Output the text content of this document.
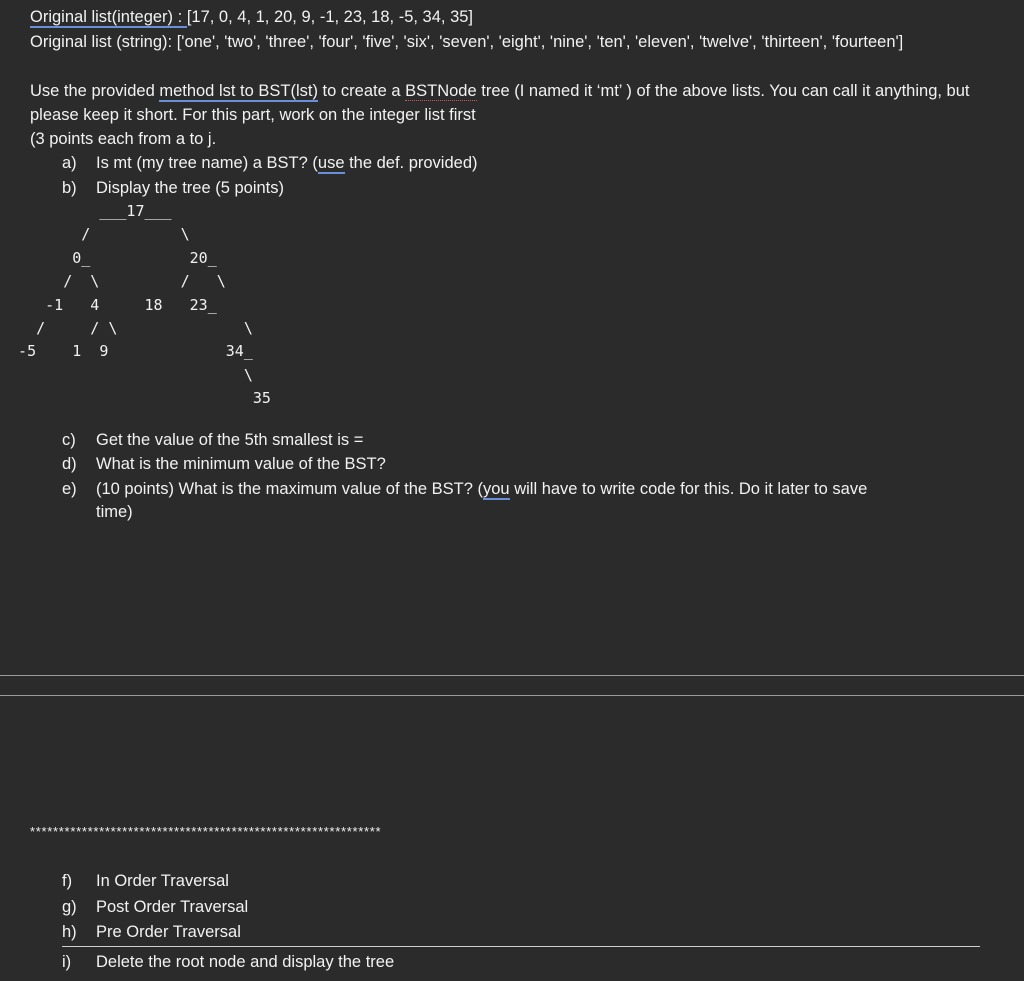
Original list(integer) : [17, 0, 4, 1, 20, 9, -1, 23, 18, -5, 34, 35]
Original list (string): ['one', 'two', 'three', 'four', 'five', 'six', 'seven', 'eight', 'nine', 'ten', 'eleven', 'twelve', 'thirteen', 'fourteen']
Use the provided method lst to BST(lst) to create a BSTNode tree (I named it ‘mt’ ) of the above lists. You can call it anything, but please keep it short. For this part, work on the integer list first
(3 points each from a to j.
a) Is mt (my tree name) a BST? (use the def. provided)
b) Display the tree (5 points)
___17___
/          \
0_           20_
/  \         /   \
-1   4     18   23_
/     / \              \
-5    1  9             34_
\
35
c) Get the value of the 5th smallest is =
d) What is the minimum value of the BST?
e) (10 points) What is the maximum value of the BST? (you will have to write code for this. Do it later to save
time)
*************************************************************
f) In Order Traversal
g) Post Order Traversal
h) Pre Order Traversal
i) Delete the root node and display the tree
